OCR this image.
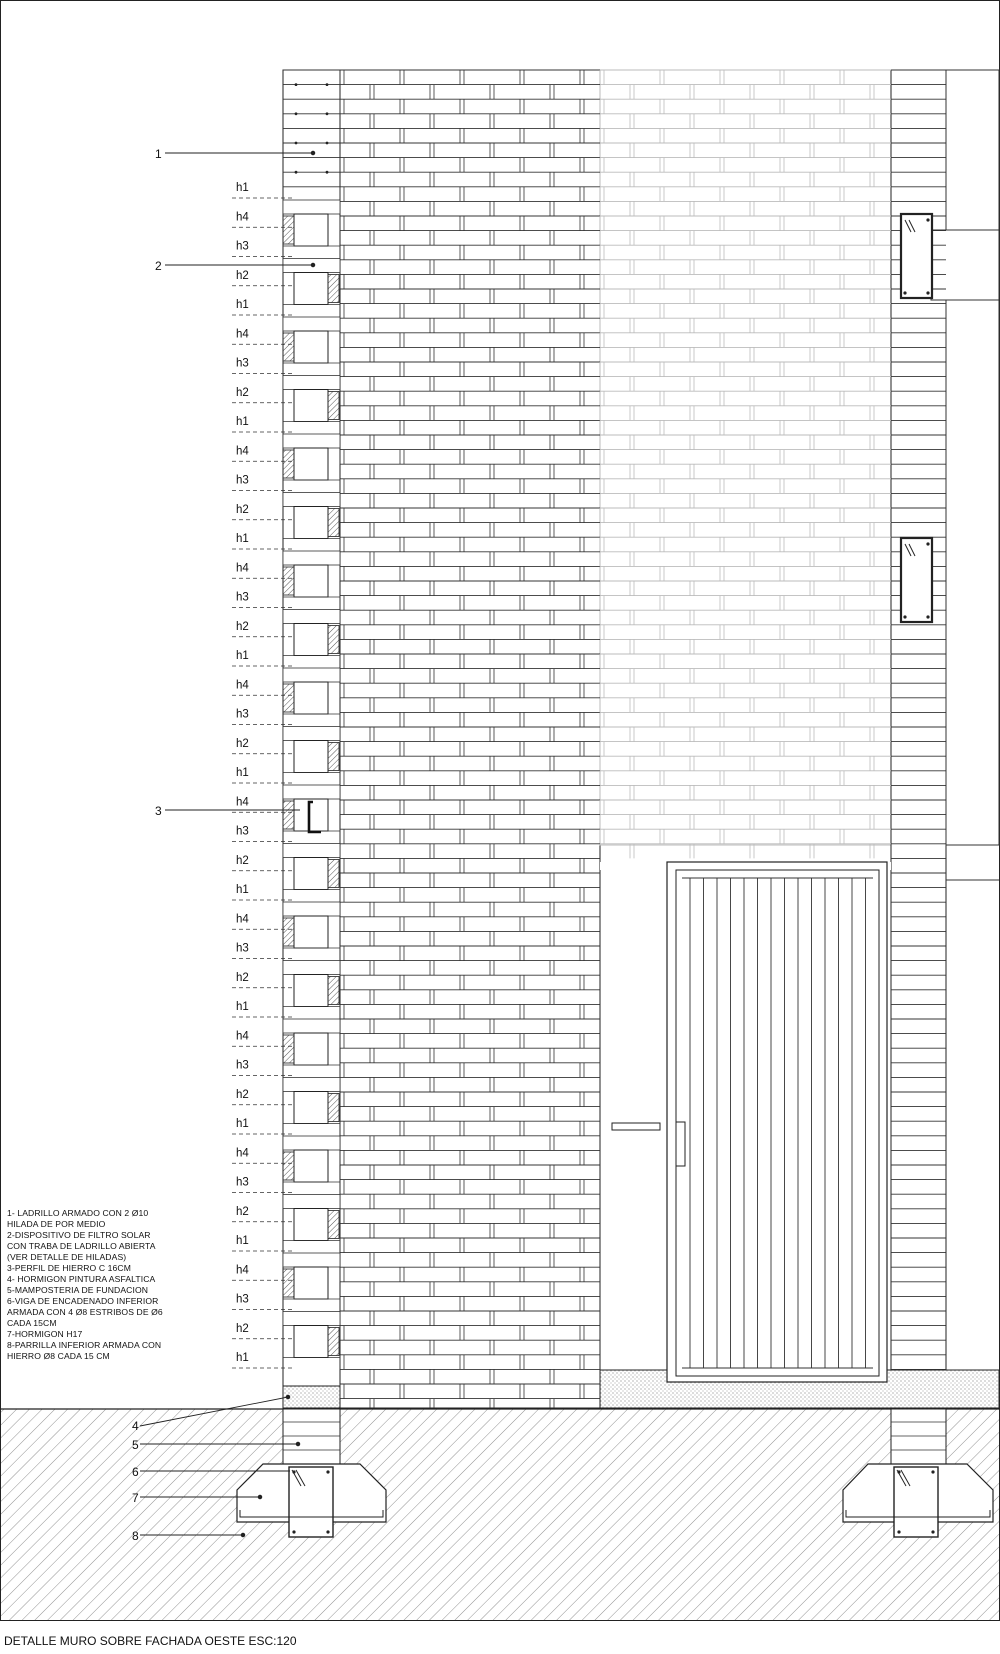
h1
h4
h3
h2
h1
h4
h3
h2
h1
h4
h3
h2
h1
h4
h3
h2
h1
h4
h3
h2
h1
h4
h3
h2
h1
h4
h3
h2
h1
h4
h3
h2
h1
h4
h3
h2
h1
h4
h3
h2
h1
1
2
3
4
5
6
7
8
1- LADRILLO ARMADO CON 2 Ø10
HILADA DE POR MEDIO
2-DISPOSITIVO DE FILTRO SOLAR
CON TRABA DE LADRILLO ABIERTA
(VER DETALLE DE HILADAS)
3-PERFIL DE HIERRO C 16CM
4- HORMIGON PINTURA ASFALTICA
5-MAMPOSTERIA DE FUNDACION
6-VIGA DE ENCADENADO INFERIOR
ARMADA CON 4 Ø8 ESTRIBOS DE Ø6
CADA 15CM
7-HORMIGON H17
8-PARRILLA INFERIOR ARMADA CON
HIERRO Ø8 CADA 15 CM
DETALLE MURO SOBRE FACHADA OESTE ESC:120
